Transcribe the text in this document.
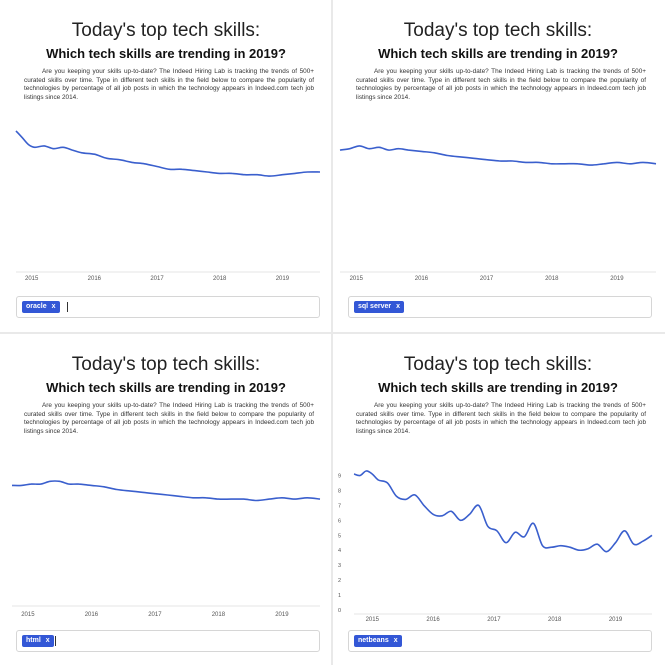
Today's top tech skills:
Which tech skills are trending in 2019?

Are you keeping your skills up-to-date? The Indeed Hiring Lab is tracking the trends of 500+ curated skills over time. Type in different tech skills in the field below to compare the popularity of technologies by percentage of all job posts in which the technology appears in Indeed.com tech job listings since 2014.

2015	2016	2017	2018	2019
oracle x
Today's top tech skills:
Which tech skills are trending in 2019?

Are you keeping your skills up-to-date? The Indeed Hiring Lab is tracking the trends of 500+ curated skills over time. Type in different tech skills in the field below to compare the popularity of technologies by percentage of all job posts in which the technology appears in Indeed.com tech job listings since 2014.

2015	2016	2017	2018	2019
sql server x
Today's top tech skills:
Which tech skills are trending in 2019?

Are you keeping your skills up-to-date? The Indeed Hiring Lab is tracking the trends of 500+ curated skills over time. Type in different tech skills in the field below to compare the popularity of technologies by percentage of all job posts in which the technology appears in Indeed.com tech job listings since 2014.

2015	2016	2017	2018	2019
html x
Today's top tech skills:
Which tech skills are trending in 2019?

Are you keeping your skills up-to-date? The Indeed Hiring Lab is tracking the trends of 500+ curated skills over time. Type in different tech skills in the field below to compare the popularity of technologies by percentage of all job posts in which the technology appears in Indeed.com tech job listings since 2014.

0
1
2
3
4
5
6
7
8
9
2015	2016	2017	2018	2019
netbeans x
